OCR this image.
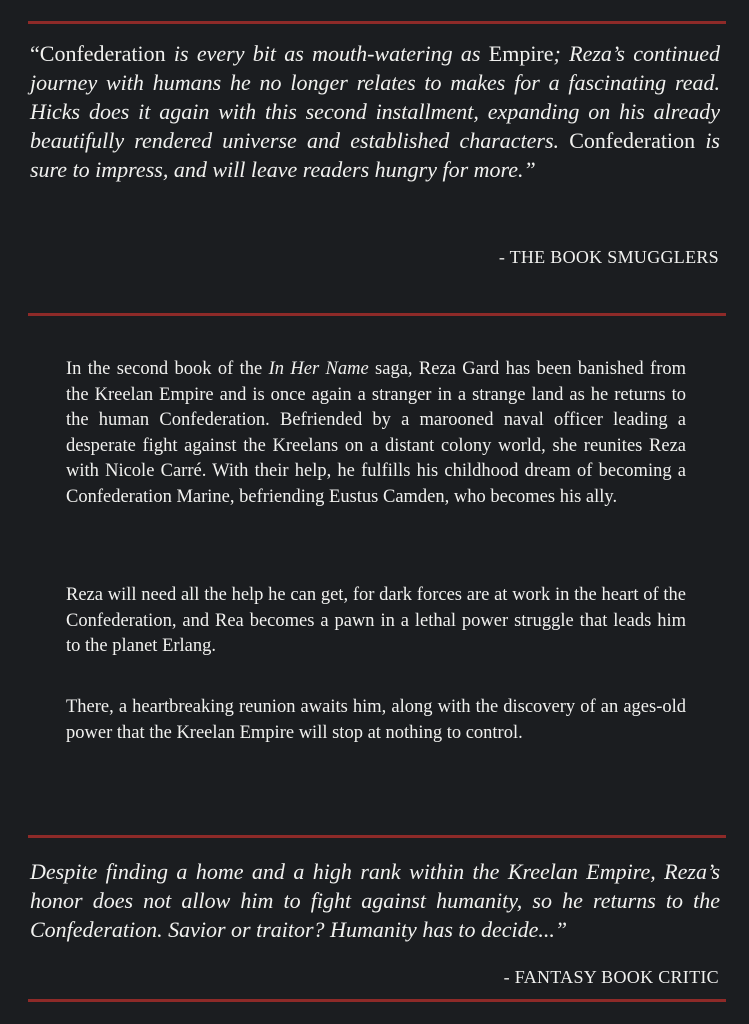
“Confederation is every bit as mouth-watering as Empire; Reza’s continued journey with humans he no longer relates to makes for a fascinating read. Hicks does it again with this second installment, expanding on his already beautifully rendered universe and established characters. Confederation is sure to impress, and will leave readers hungry for more.”

- THE BOOK SMUGGLERS

In the second book of the In Her Name saga, Reza Gard has been banished from the Kreelan Empire and is once again a stranger in a strange land as he returns to the human Confederation. Befriended by a marooned naval officer leading a desperate fight against the Kreelans on a distant colony world, she reunites Reza with Nicole Carré. With their help, he fulfills his childhood dream of becoming a Confederation Marine, befriending Eustus Camden, who becomes his ally.

Reza will need all the help he can get, for dark forces are at work in the heart of the Confederation, and Rea becomes a pawn in a lethal power struggle that leads him to the planet Erlang.

There, a heartbreaking reunion awaits him, along with the discovery of an ages-old power that the Kreelan Empire will stop at nothing to control.

Despite finding a home and a high rank within the Kreelan Empire, Reza’s honor does not allow him to fight against humanity, so he returns to the Confederation. Savior or traitor? Humanity has to decide...”

- FANTASY BOOK CRITIC
